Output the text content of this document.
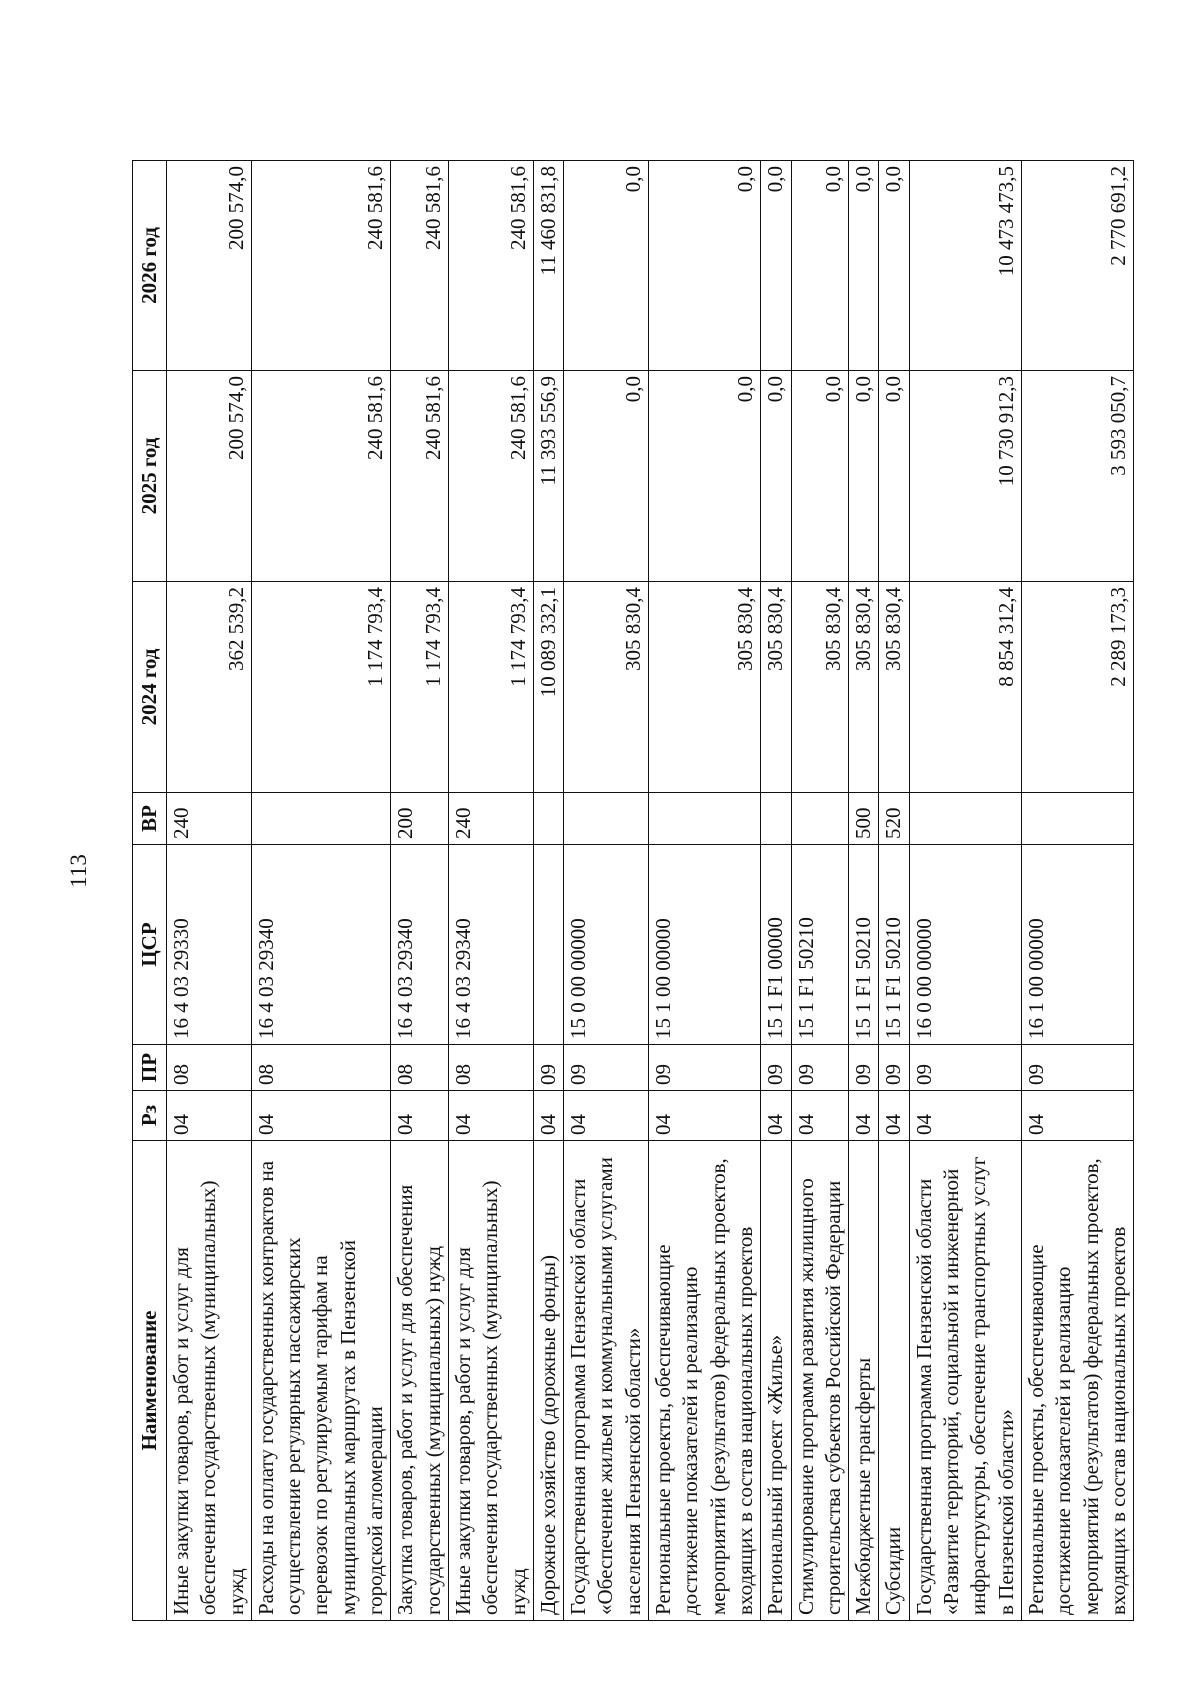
113
Наименование	Рз	ПР	ЦСР	ВР	2024 год	2025 год	2026 год
Иные закупки товаров, работ и услуг для обеспечения государственных (муниципальных) нужд	04	08	16 4 03 29330	240	362 539,2	200 574,0	200 574,0
Расходы на оплату государственных контрактов на осуществление регулярных пассажирских перевозок по регулируемым тарифам на муниципальных маршрутах в Пензенской городской агломерации	04	08	16 4 03 29340		1 174 793,4	240 581,6	240 581,6
Закупка товаров, работ и услуг для обеспечения государственных (муниципальных) нужд	04	08	16 4 03 29340	200	1 174 793,4	240 581,6	240 581,6
Иные закупки товаров, работ и услуг для обеспечения государственных (муниципальных) нужд	04	08	16 4 03 29340	240	1 174 793,4	240 581,6	240 581,6
Дорожное хозяйство (дорожные фонды)	04	09			10 089 332,1	11 393 556,9	11 460 831,8
Государственная программа Пензенской области «Обеспечение жильем и коммунальными услугами населения Пензенской области»	04	09	15 0 00 00000		305 830,4	0,0	0,0
Региональные проекты, обеспечивающие достижение показателей и реализацию мероприятий (результатов) федеральных проектов, входящих в состав национальных проектов	04	09	15 1 00 00000		305 830,4	0,0	0,0
Региональный проект «Жилье»	04	09	15 1 F1 00000		305 830,4	0,0	0,0
Стимулирование программ развития жилищного строительства субъектов Российской Федерации	04	09	15 1 F1 50210		305 830,4	0,0	0,0
Межбюджетные трансферты	04	09	15 1 F1 50210	500	305 830,4	0,0	0,0
Субсидии	04	09	15 1 F1 50210	520	305 830,4	0,0	0,0
Государственная программа Пензенской области «Развитие территорий, социальной и инженерной инфраструктуры, обеспечение транспортных услуг в Пензенской области»	04	09	16 0 00 00000		8 854 312,4	10 730 912,3	10 473 473,5
Региональные проекты, обеспечивающие достижение показателей и реализацию мероприятий (результатов) федеральных проектов, входящих в состав национальных проектов	04	09	16 1 00 00000		2 289 173,3	3 593 050,7	2 770 691,2
